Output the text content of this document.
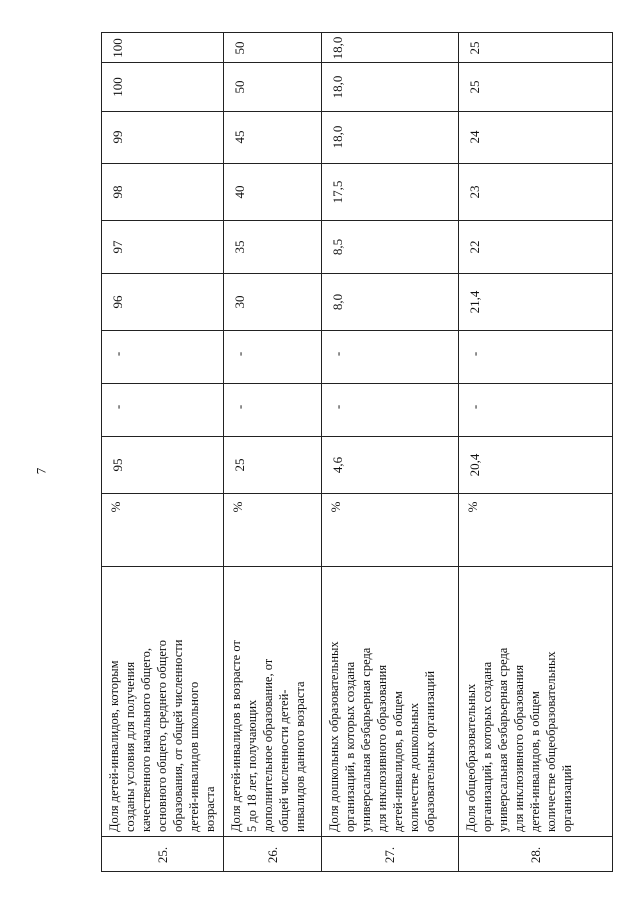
7
25.
Доля детей-инвалидов, которым
созданы условия для получения
качественного начального общего,
основного общего, среднего общего
образования, от общей численности
детей-инвалидов школьного
возраста
%
95
-
-
96
97
98
99
100
100
26.
Доля детей-инвалидов в возрасте от
5 до 18 лет, получающих
дополнительное образование, от
общей численности детей-
инвалидов данного возраста
%
25
-
-
30
35
40
45
50
50
27.
Доля дошкольных образовательных
организаций, в которых создана
универсальная безбарьерная среда
для инклюзивного образования
детей-инвалидов, в общем
количестве дошкольных
образовательных организаций
%
4,6
-
-
8,0
8,5
17,5
18,0
18,0
18,0
28.
Доля общеобразовательных
организаций, в которых создана
универсальная безбарьерная среда
для инклюзивного образования
детей-инвалидов, в общем
количестве общеобразовательных
организаций
%
20,4
-
-
21,4
22
23
24
25
25
